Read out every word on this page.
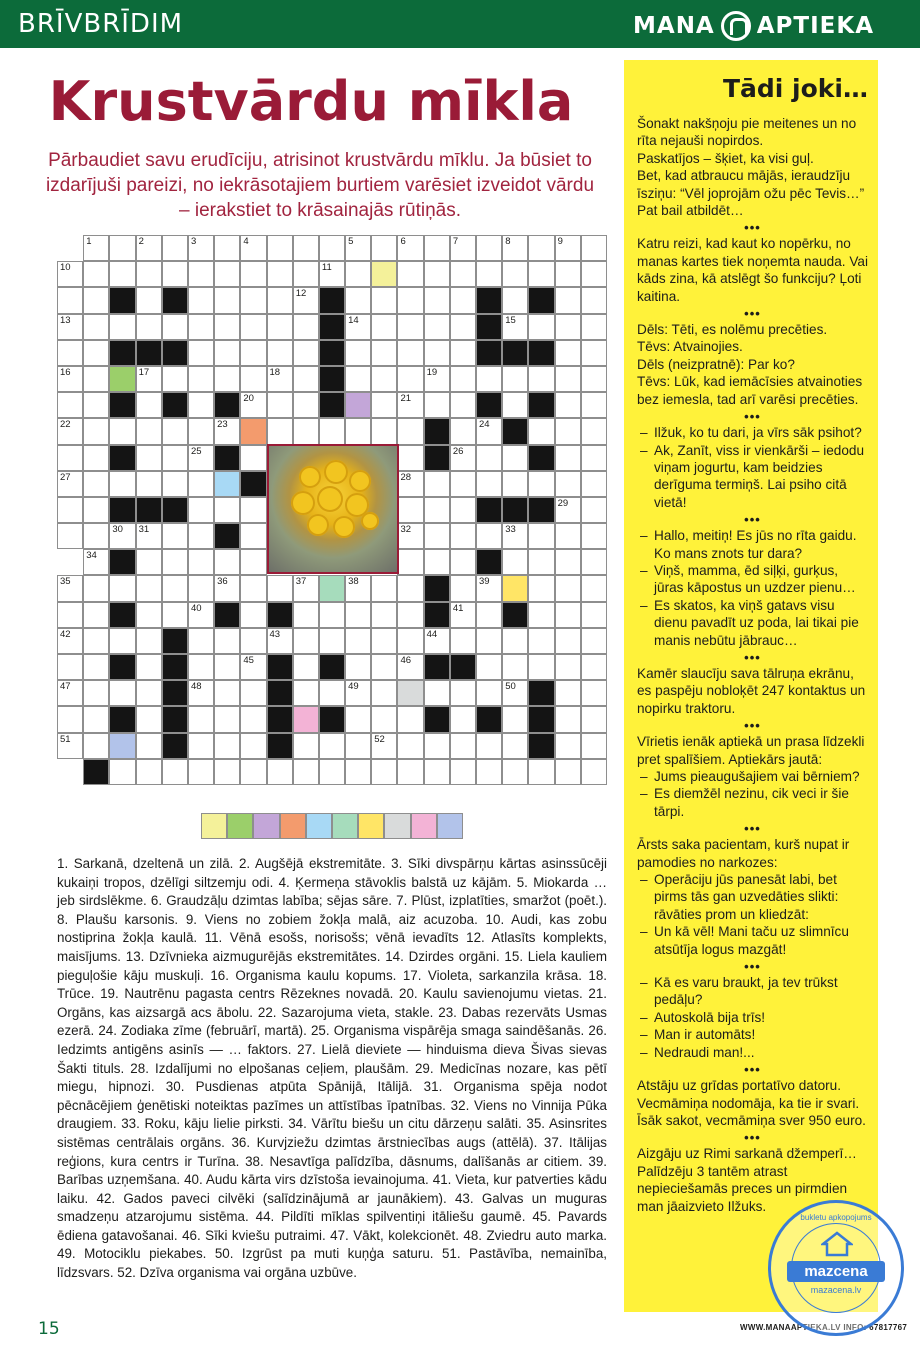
BRĪVBRĪDIM	MANA APTIEKA
Krustvārdu mīkla

Pārbaudiet savu erudīciju, atrisinot krustvārdu mīklu. Ja būsiet to izdarījuši pareizi, no iekrāsotajiem burtiem varēsiet izveidot vārdu – ierakstiet to krāsainajās rūtiņās.

1	2	3	4	5	6	7	8	9
10	11
12
13	14	15
16	17	18	19
20	21
22	23	24
25	26
27	28
29
30 31	32	33
34
35	36	37	38	39
40	41
42	43	44
45	46
47	48	49	50
51	52

1. Sarkanā, dzeltenā un zilā. 2. Augšējā ekstremitāte. 3. Sīki divspārņu kārtas asinssūcēji kukaiņi tropos, dzēlīgi siltzemju odi. 4. Ķermeņa stāvoklis balstā uz kājām. 5. Miokarda … jeb sirdslēkme. 6. Graudzāļu dzimtas labība; sējas sāre. 7. Plūst, izplatīties, smaržot (poēt.). 8. Plaušu karsonis. 9. Viens no zobiem žokļa malā, aiz acuzoba. 10. Audi, kas zobu nostiprina žokļa kaulā. 11. Vēnā esošs, norisošs; vēnā ievadīts 12. Atlasīts komplekts, maisījums. 13. Dzīvnieka aizmugurējās ekstremitātes. 14. Dzirdes orgāni. 15. Liela kauliem pieguļošie kāju muskuļi. 16. Organisma kaulu kopums. 17. Violeta, sarkanzila krāsa. 18. Trūce. 19. Nautrēnu pagasta centrs Rēzeknes novadā. 20. Kaulu savienojumu vietas. 21. Orgāns, kas aizsargā acs ābolu. 22. Sazarojuma vieta, stakle. 23. Dabas rezervāts Usmas ezerā. 24. Zodiaka zīme (februārī, martā). 25. Organisma vispārēja smaga saindēšanās. 26. Iedzimts antigēns asinīs — … faktors. 27. Lielā dieviete — hinduisma dieva Šivas sievas Šakti tituls. 28. Izdalījumi no elpošanas ceļiem, plaušām. 29. Medicīnas nozare, kas pētī miegu, hipnozi. 30. Pusdienas atpūta Spānijā, Itālijā. 31. Organisma spēja nodot pēcnācējiem ģenētiski noteiktas pazīmes un attīstības īpatnības. 32. Viens no Vinnija Pūka draugiem. 33. Roku, kāju lielie pirksti. 34. Vārītu biešu un citu dārzeņu salāti. 35. Asinsrites sistēmas centrālais orgāns. 36. Kurvjziežu dzimtas ārstniecības augs (attēlā). 37. Itālijas reģions, kura centrs ir Turīna. 38. Nesavtīga palīdzība, dāsnums, dalīšanās ar citiem. 39. Barības uzņemšana. 40. Audu kārta virs dzīstoša ievainojuma. 41. Vieta, kur patverties kādu laiku. 42. Gados paveci cilvēki (salīdzinājumā ar jaunākiem). 43. Galvas un muguras smadzeņu atzarojumu sistēma. 44. Pildīti mīklas spilventiņi itāliešu gaumē. 45. Pavards ēdiena gatavošanai. 46. Sīki kviešu putraimi. 47. Vākt, kolekcionēt. 48. Zviedru auto marka. 49. Motociklu piekabes. 50. Izgrūst pa muti kuņģa saturu. 51. Pastāvība, nemainība, līdzsvars. 52. Dzīva organisma vai orgāna uzbūve.

15
Tādi joki…
Šonakt nakšņoju pie meitenes un no rīta nejauši nopirdos.
Paskatījos – šķiet, ka visi guļ.
Bet, kad atbraucu mājās, ieraudzīju īsziņu: “Vēl joprojām ožu pēc Tevis…” Pat bail atbildēt…
•••
Katru reizi, kad kaut ko nopērku, no manas kartes tiek noņemta nauda. Vai kāds zina, kā atslēgt šo funkciju? Ļoti kaitina.
•••
Dēls: Tēti, es nolēmu precēties.
Tēvs: Atvainojies.
Dēls (neizpratnē): Par ko?
Tēvs: Lūk, kad iemācīsies atvainoties bez iemesla, tad arī varēsi precēties.
•••
– Ilžuk, ko tu dari, ja vīrs sāk psihot?
– Ak, Zanīt, viss ir vienkārši – iedodu viņam jogurtu, kam beidzies derīguma termiņš. Lai psiho citā vietā!
•••
– Hallo, meitiņ! Es jūs no rīta gaidu. Ko mans znots tur dara?
– Viņš, mamma, ēd siļķi, gurķus, jūras kāpostus un uzdzer pienu…
– Es skatos, ka viņš gatavs visu dienu pavadīt uz poda, lai tikai pie manis nebūtu jābrauc…
•••
Kamēr slaucīju sava tālruņa ekrānu, es paspēju nobloķēt 247 kontaktus un nopirku traktoru.
•••
Vīrietis ienāk aptiekā un prasa līdzekli pret spalīšiem. Aptiekārs jautā:
– Jums pieaugušajiem vai bērniem?
– Es diemžēl nezinu, cik veci ir šie tārpi.
•••
Ārsts saka pacientam, kurš nupat ir pamodies no narkozes:
– Operāciju jūs panesāt labi, bet pirms tās gan uzvedāties slikti: rāvāties prom un kliedzāt:
– Un kā vēl! Mani taču uz slimnīcu atsūtīja logus mazgāt!
•••
– Kā es varu braukt, ja tev trūkst pedāļu?
– Autoskolā bija trīs!
– Man ir automāts!
– Nedraudi man!...
•••
Atstāju uz grīdas portatīvo datoru. Vecmāmiņa nodomāja, ka tie ir svari. Īsāk sakot, vecmāmiņa sver 950 euro.
•••
Aizgāju uz Rimi sarkanā džemperī… Palīdzēju 3 tantēm atrast nepieciešamās preces un pirmdien man jāaizvieto Ilžuks.
WWW.MANAAPTIEKA.LV INFO: 67817767
bukletu apkopojums
mazcena
mazacena.lv
